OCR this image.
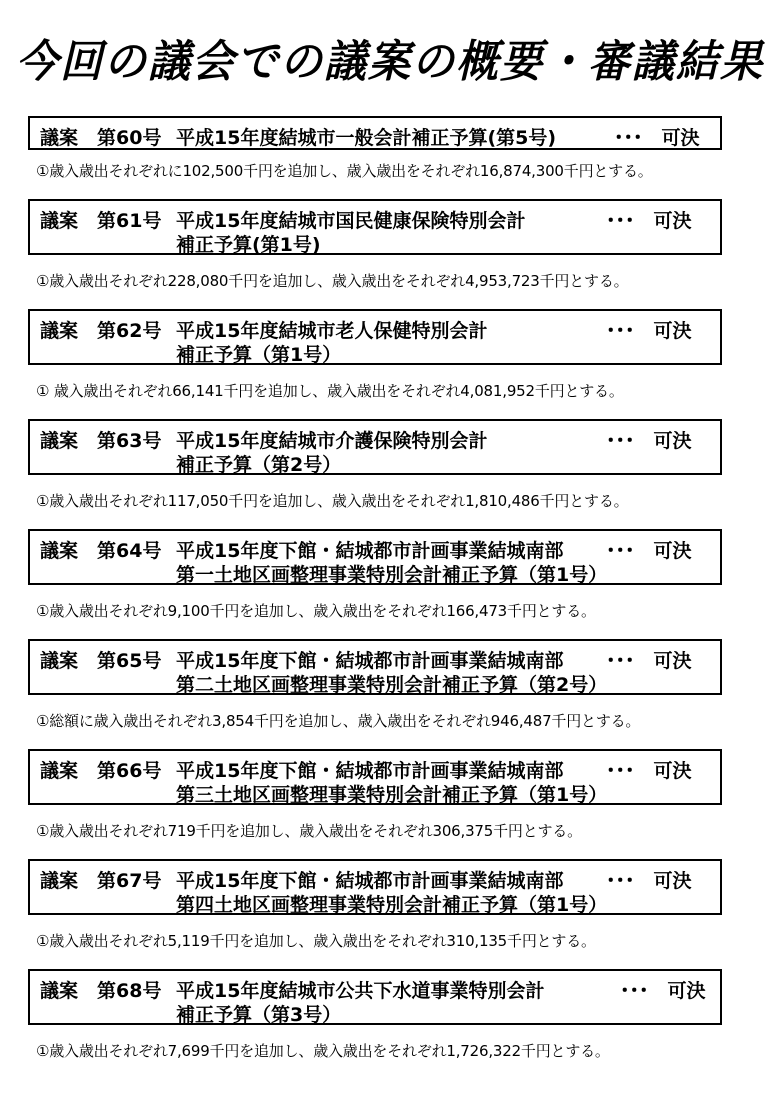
今回の議会での議案の概要・審議結果
議案　第60号 平成15年度結城市一般会計補正予算(第5号)	･･･　可決
①歳入歳出それぞれに102,500千円を追加し、歳入歳出をそれぞれ16,874,300千円とする。
議案　第61号 平成15年度結城市国民健康保険特別会計
補正予算(第1号)
･･･　可決
①歳入歳出それぞれ228,080千円を追加し、歳入歳出をそれぞれ4,953,723千円とする。
議案　第62号 平成15年度結城市老人保健特別会計
補正予算（第1号）
･･･　可決
① 歳入歳出それぞれ66,141千円を追加し、歳入歳出をそれぞれ4,081,952千円とする。
議案　第63号 平成15年度結城市介護保険特別会計
補正予算（第2号）
･･･　可決
①歳入歳出それぞれ117,050千円を追加し、歳入歳出をそれぞれ1,810,486千円とする。
議案　第64号 平成15年度下館・結城都市計画事業結城南部
第一土地区画整理事業特別会計補正予算（第1号）
･･･　可決
①歳入歳出それぞれ9,100千円を追加し、歳入歳出をそれぞれ166,473千円とする。
議案　第65号 平成15年度下館・結城都市計画事業結城南部
第二土地区画整理事業特別会計補正予算（第2号）
･･･　可決
①総額に歳入歳出それぞれ3,854千円を追加し、歳入歳出をそれぞれ946,487千円とする。
議案　第66号 平成15年度下館・結城都市計画事業結城南部
第三土地区画整理事業特別会計補正予算（第1号）
･･･　可決
①歳入歳出それぞれ719千円を追加し、歳入歳出をそれぞれ306,375千円とする。
議案　第67号 平成15年度下館・結城都市計画事業結城南部
第四土地区画整理事業特別会計補正予算（第1号）
･･･　可決
①歳入歳出それぞれ5,119千円を追加し、歳入歳出をそれぞれ310,135千円とする。
議案　第68号 平成15年度結城市公共下水道事業特別会計
補正予算（第3号）
･･･　可決
①歳入歳出それぞれ7,699千円を追加し、歳入歳出をそれぞれ1,726,322千円とする。
